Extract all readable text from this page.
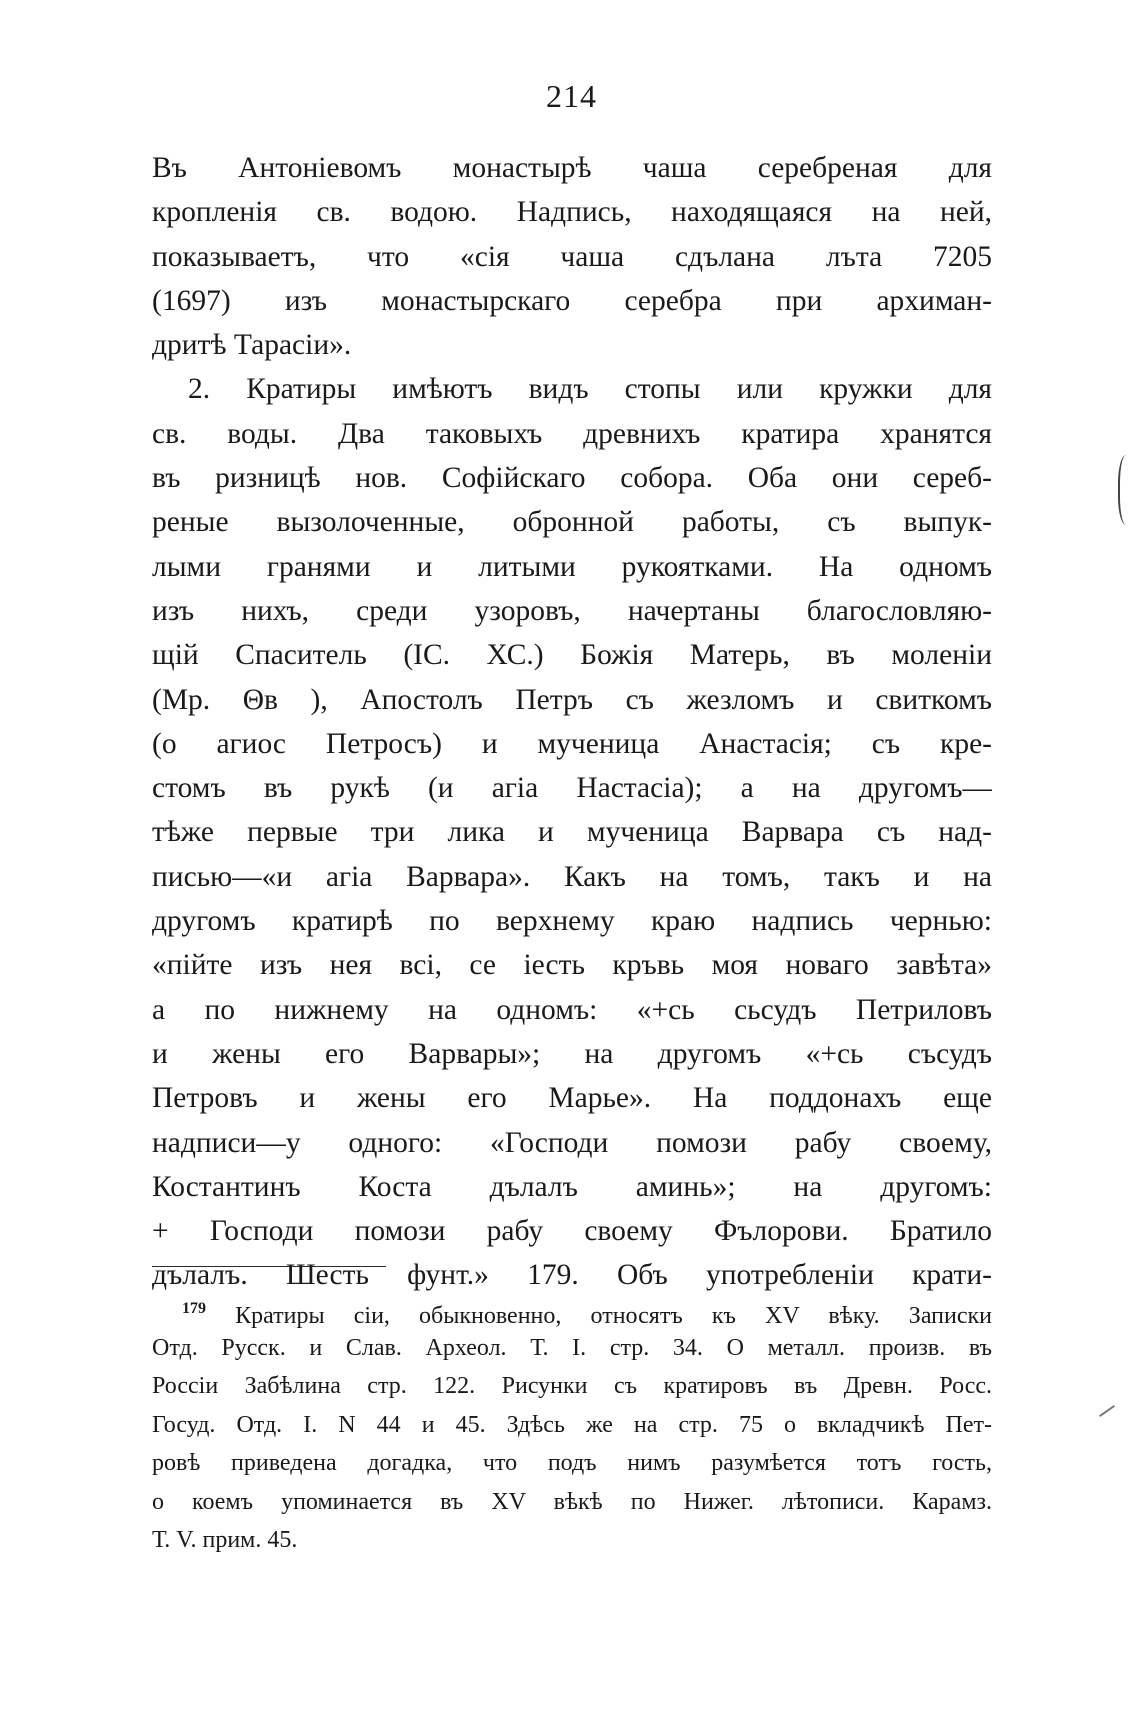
214
Въ Антоніевомъ монастырѣ чаша серебреная для
кропленія св. водою. Надпись, находящаяся на ней,
показываетъ, что «сія чаша сдълана лъта 7205
(1697) изъ монастырскаго серебра при архиман-
дритѣ Тарасіи».
2. Кратиры имѣютъ видъ стопы или кружки для
св. воды. Два таковыхъ древнихъ кратира хранятся
въ ризницѣ нов. Софійскаго собора. Оба они сереб-
реные вызолоченные, обронной работы, съ выпук-
лыми гранями и литыми рукоятками. На одномъ
изъ нихъ, среди узоровъ, начертаны благословляю-
щій Спаситель (ІС. ХС.) Божія Матерь, въ моленіи
(Мр. Θв ), Апостолъ Петръ съ жезломъ и свиткомъ
(о агиос Петросъ) и мученица Анастасія; съ кре-
стомъ въ рукѣ (и агіа Настасіа); а на другомъ—
тѣже первые три лика и мученица Варвара съ над-
писью—«и агіа Варвара». Какъ на томъ, такъ и на
другомъ кратирѣ по верхнему краю надпись чернью:
«пійте изъ нея всі, се іесть кръвь моя новаго завѣта»
а по нижнему на одномъ: «+сь сьсудъ Петриловъ
и жены его Варвары»; на другомъ «+сь съсудъ
Петровъ и жены его Марье». На поддонахъ еще
надписи—у одного: «Господи помози рабу своему,
Костантинъ Коста дълалъ аминь»; на другомъ:
+ Господи помози рабу своему Фълорови. Братило
дълалъ. Шесть фунт.» 179. Объ употребленіи крати-
$^{179}$ Кратиры сіи, обыкновенно, относятъ къ XV вѣку. Записки
Отд. Русск. и Слав. Археол. Т. І. стр. 34. О металл. произв. въ
Россіи Забѣлина стр. 122. Рисунки съ кратировъ въ Древн. Росс.
Госуд. Отд. І. N 44 и 45. Здѣсь же на стр. 75 о вкладчикѣ Пет-
ровѣ приведена догадка, что подъ нимъ разумѣется тотъ гость,
о коемъ упоминается въ XV вѣкѣ по Нижег. лѣтописи. Карамз.
Т. V. прим. 45.
